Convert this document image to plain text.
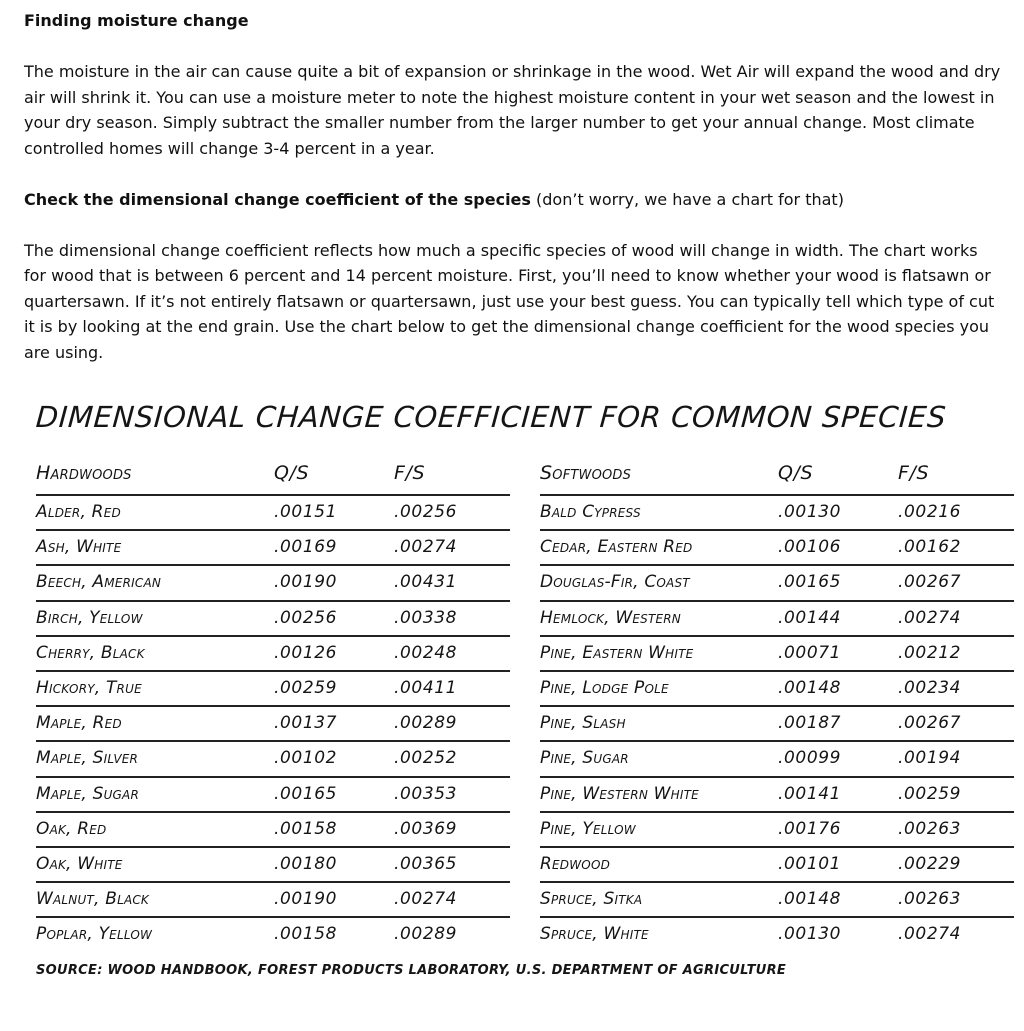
Finding moisture change

The moisture in the air can cause quite a bit of expansion or shrinkage in the wood. Wet Air will expand the wood and dry air will shrink it. You can use a moisture meter to note the highest moisture content in your wet season and the lowest in your dry season. Simply subtract the smaller number from the larger number to get your annual change. Most climate controlled homes will change 3-4 percent in a year.

Check the dimensional change coefficient of the species (don’t worry, we have a chart for that)

The dimensional change coefficient reflects how much a specific species of wood will change in width. The chart works for wood that is between 6 percent and 14 percent moisture. First, you’ll need to know whether your wood is flatsawn or quartersawn. If it’s not entirely flatsawn or quartersawn, just use your best guess. You can typically tell which type of cut it is by looking at the end grain. Use the chart below to get the dimensional change coefficient for the wood species you are using.

DIMENSIONAL CHANGE COEFFICIENT FOR COMMON SPECIES
Hardwoods	Q/S	F/S
Alder, Red	.00151	.00256
Ash, White	.00169	.00274
Beech, American	.00190	.00431
Birch, Yellow	.00256	.00338
Cherry, Black	.00126	.00248
Hickory, True	.00259	.00411
Maple, Red	.00137	.00289
Maple, Silver	.00102	.00252
Maple, Sugar	.00165	.00353
Oak, Red	.00158	.00369
Oak, White	.00180	.00365
Walnut, Black	.00190	.00274
Poplar, Yellow	.00158	.00289
Softwoods	Q/S	F/S
Bald Cypress	.00130	.00216
Cedar, Eastern Red	.00106	.00162
Douglas-Fir, Coast	.00165	.00267
Hemlock, Western	.00144	.00274
Pine, Eastern White	.00071	.00212
Pine, Lodge Pole	.00148	.00234
Pine, Slash	.00187	.00267
Pine, Sugar	.00099	.00194
Pine, Western White	.00141	.00259
Pine, Yellow	.00176	.00263
Redwood	.00101	.00229
Spruce, Sitka	.00148	.00263
Spruce, White	.00130	.00274
SOURCE: WOOD HANDBOOK, FOREST PRODUCTS LABORATORY, U.S. DEPARTMENT OF AGRICULTURE
